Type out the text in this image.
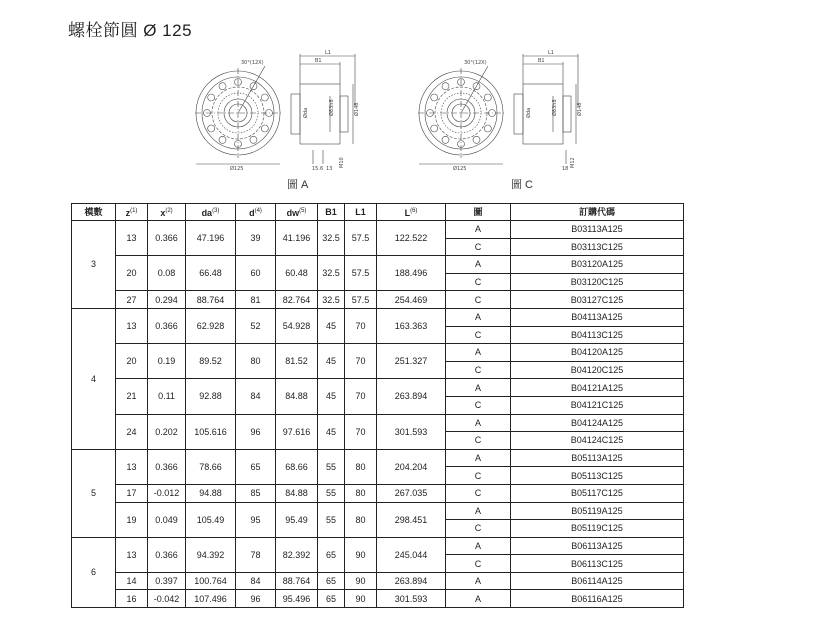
螺栓節圓 Ø 125
30°(12X)
Ø125
L1
B1
Ø83h8	Ø148
Øda
M10
15.6 13
圖 A
30°(12X)
Ø125
L1
B1
Ø83h8	Ø148
Øda
M12
18
圖 C
模數	$z^{(1)}$	$x^{(2)}$	$da^{(3)}$	$d^{(4)}$	$dw^{(5)}$	B1	L1	$L^{(6)}$	圖	訂購代碼
3	13	0.366	47.196	39	41.196	32.5	57.5	122.522	A	B03113A125
									C	B03113C125
	20	0.08	66.48	60	60.48	32.5	57.5	188.496	A	B03120A125
									C	B03120C125
	27	0.294	88.764	81	82.764	32.5	57.5	254.469	C	B03127C125
4	13	0.366	62.928	52	54.928	45	70	163.363	A	B04113A125
									C	B04113C125
	20	0.19	89.52	80	81.52	45	70	251.327	A	B04120A125
									C	B04120C125
	21	0.11	92.88	84	84.88	45	70	263.894	A	B04121A125
									C	B04121C125
	24	0.202	105.616	96	97.616	45	70	301.593	A	B04124A125
									C	B04124C125
5	13	0.366	78.66	65	68.66	55	80	204.204	A	B05113A125
									C	B05113C125
	17	-0.012	94.88	85	84.88	55	80	267.035	C	B05117C125
	19	0.049	105.49	95	95.49	55	80	298.451	A	B05119A125
									C	B05119C125
6	13	0.366	94.392	78	82.392	65	90	245.044	A	B06113A125
									C	B06113C125
	14	0.397	100.764	84	88.764	65	90	263.894	A	B06114A125
	16	-0.042	107.496	96	95.496	65	90	301.593	A	B06116A125
